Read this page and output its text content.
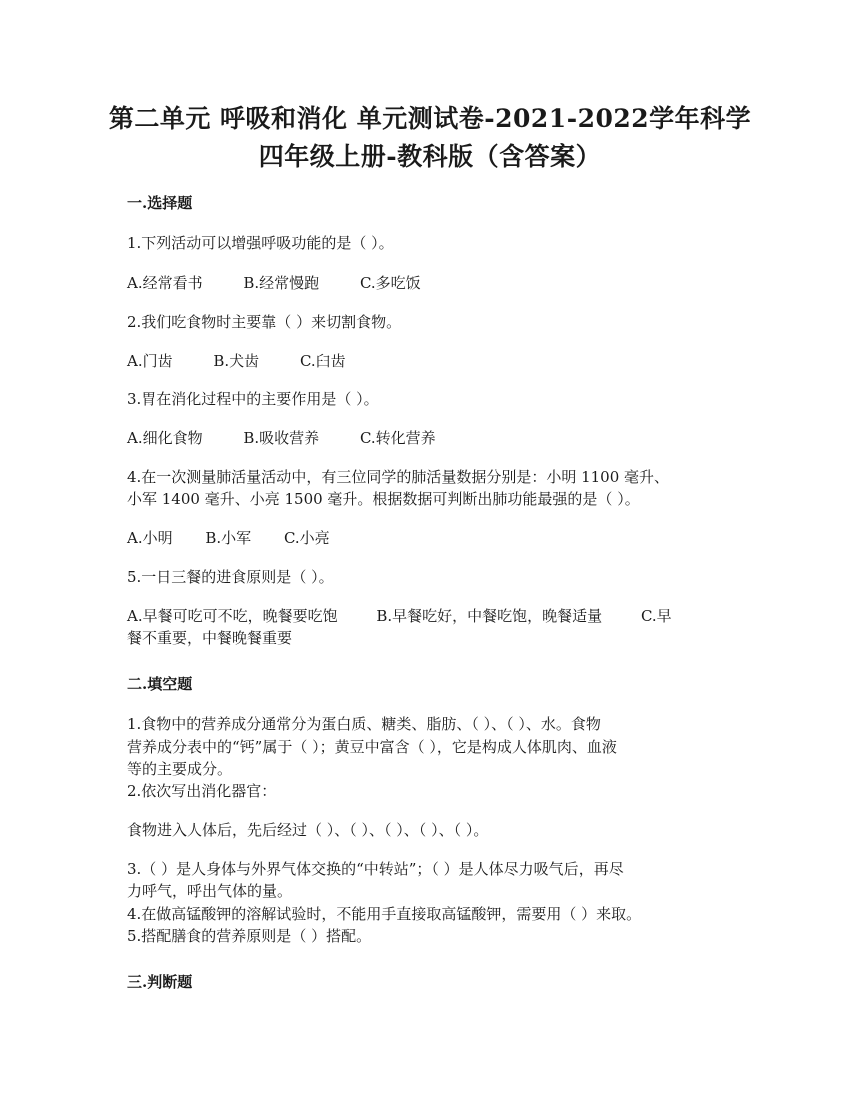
第二单元 呼吸和消化 单元测试卷-2021-2022学年科学
四年级上册-教科版（含答案）
一.选择题
1.下列活动可以增强呼吸功能的是（ ）。
A.经常看书	B.经常慢跑	C.多吃饭
2.我们吃食物时主要靠（ ）来切割食物。
A.门齿	B.犬齿	C.臼齿
3.胃在消化过程中的主要作用是（ ）。
A.细化食物	B.吸收营养	C.转化营养
4.在一次测量肺活量活动中，有三位同学的肺活量数据分别是：小明 1100 毫升、
小军 1400 毫升、小亮 1500 毫升。根据数据可判断出肺功能最强的是（ ）。
A.小明 B.小军 C.小亮
5.一日三餐的进食原则是（ ）。
A.早餐可吃可不吃，晚餐要吃饱	B.早餐吃好，中餐吃饱，晚餐适量	C.早
餐不重要，中餐晚餐重要
二.填空题
1.食物中的营养成分通常分为蛋白质、糖类、脂肪、（ ）、（ ）、水。食物
营养成分表中的“钙”属于（ ）；黄豆中富含（ ），它是构成人体肌肉、血液
等的主要成分。
2.依次写出消化器官：
食物进入人体后，先后经过（ ）、（ ）、（ ）、（ ）、（ ）。
3.（ ）是人身体与外界气体交换的“中转站”；（ ）是人体尽力吸气后，再尽
力呼气，呼出气体的量。
4.在做高锰酸钾的溶解试验时，不能用手直接取高锰酸钾，需要用（ ）来取。
5.搭配膳食的营养原则是（ ）搭配。
三.判断题
